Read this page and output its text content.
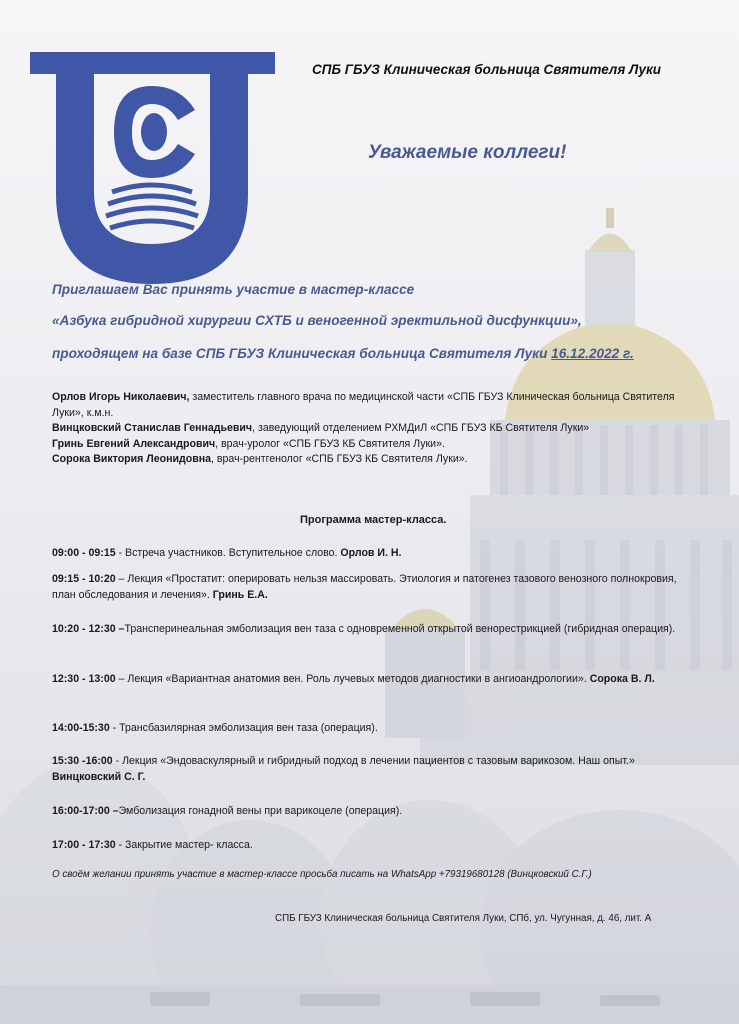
СПБ ГБУЗ Клиническая больница Святителя Луки
Уважаемые коллеги!
Приглашаем Вас принять участие в мастер-классе
«Азбука гибридной хирургии СХТБ и веногенной эректильной дисфункции»,
проходящем на базе СПБ ГБУЗ Клиническая больница Святителя Луки 16.12.2022 г.
Орлов Игорь Николаевич, заместитель главного врача по медицинской части «СПБ ГБУЗ Клиническая больница Святителя Луки», к.м.н.
Винцковский Станислав Геннадьевич, заведующий отделением РХМДиЛ «СПБ ГБУЗ КБ Святителя Луки»
Гринь Евгений Александрович, врач-уролог «СПБ ГБУЗ КБ Святителя Луки».
Сорока Виктория Леонидовна, врач-рентгенолог «СПБ ГБУЗ КБ Святителя Луки».
Программа мастер-класса.
09:00 - 09:15 - Встреча участников. Вступительное слово. Орлов И. Н.
09:15 - 10:20 – Лекция «Простатит: оперировать нельзя массировать. Этиология и патогенез тазового венозного полнокровия, план обследования и лечения». Гринь Е.А.
10:20 - 12:30 –Трансперинеальная эмболизация вен таза с одновременной открытой венорестрикцией (гибридная операция).
12:30 - 13:00 – Лекция «Вариантная анатомия вен. Роль лучевых методов диагностики в ангиоандрологии». Сорока В. Л.
14:00-15:30 - Трансбазилярная эмболизация вен таза (операция).
15:30 -16:00 - Лекция «Эндоваскулярный и гибридный подход в лечении пациентов с тазовым варикозом. Наш опыт.» Винцковский С. Г.
16:00-17:00 –Эмболизация гонадной вены при варикоцеле (операция).
17:00 - 17:30 - Закрытие мастер- класса.
О своём желании принять участие в мастер-классе просьба писать на WhatsApp +79319680128 (Винцковский С.Г.)
СПБ ГБУЗ Клиническая больница Святителя Луки, СПб, ул. Чугунная, д. 46, лит. А
